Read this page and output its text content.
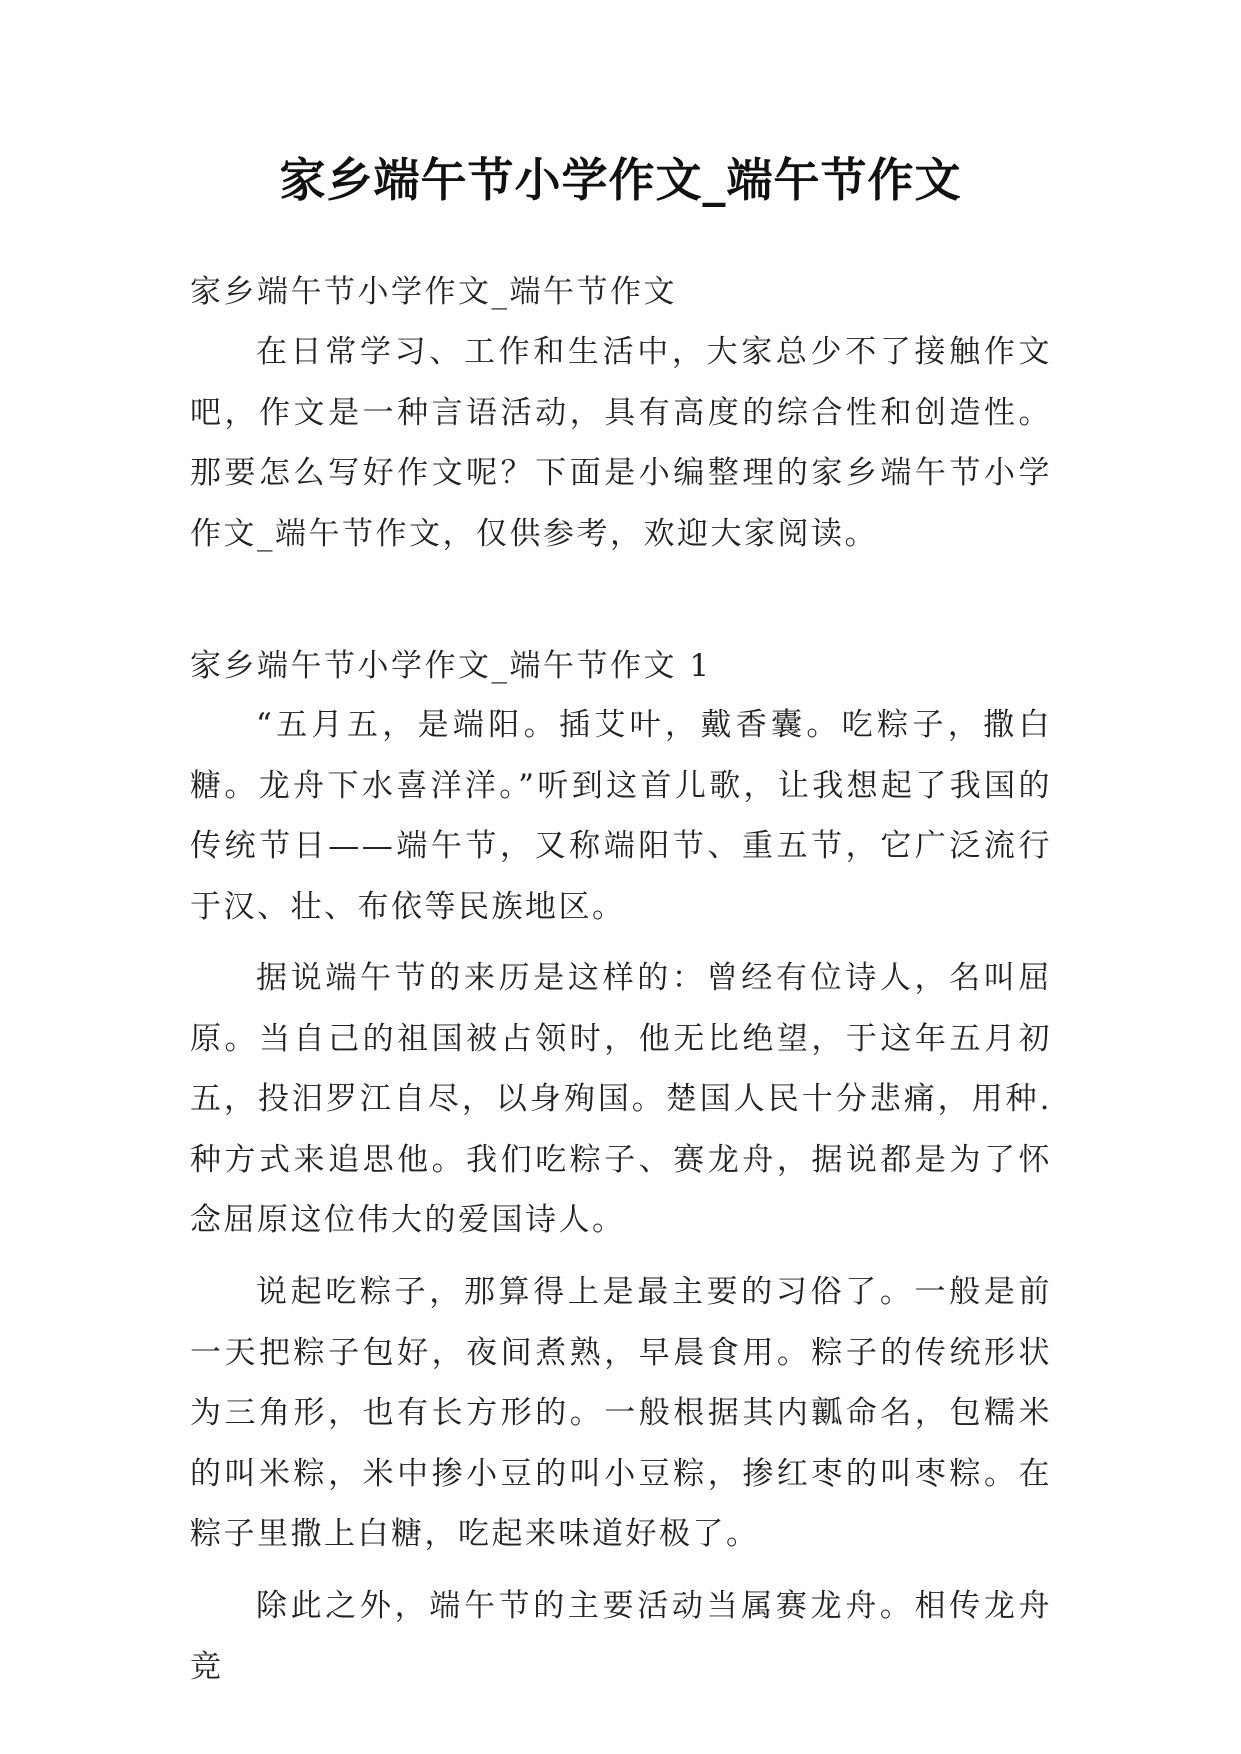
家乡端午节小学作文_端午节作文

家乡端午节小学作文_端午节作文

在日常学习、工作和生活中，大家总少不了接触作文吧，作文是一种言语活动，具有高度的综合性和创造性。那要怎么写好作文呢？下面是小编整理的家乡端午节小学作文_端午节作文，仅供参考，欢迎大家阅读。

家乡端午节小学作文_端午节作文 1

“五月五，是端阳。插艾叶，戴香囊。吃粽子，撒白糖。龙舟下水喜洋洋。”听到这首儿歌，让我想起了我国的传统节日——端午节，又称端阳节、重五节，它广泛流行于汉、壮、布依等民族地区。

据说端午节的来历是这样的：曾经有位诗人，名叫屈原。当自己的祖国被占领时，他无比绝望，于这年五月初五，投汨罗江自尽，以身殉国。楚国人民十分悲痛，用种.种方式来追思他。我们吃粽子、赛龙舟，据说都是为了怀念屈原这位伟大的爱国诗人。

说起吃粽子，那算得上是最主要的习俗了。一般是前一天把粽子包好，夜间煮熟，早晨食用。粽子的传统形状为三角形，也有长方形的。一般根据其内瓤命名，包糯米的叫米粽，米中掺小豆的叫小豆粽，掺红枣的叫枣粽。在粽子里撒上白糖，吃起来味道好极了。

除此之外，端午节的主要活动当属赛龙舟。相传龙舟竞
